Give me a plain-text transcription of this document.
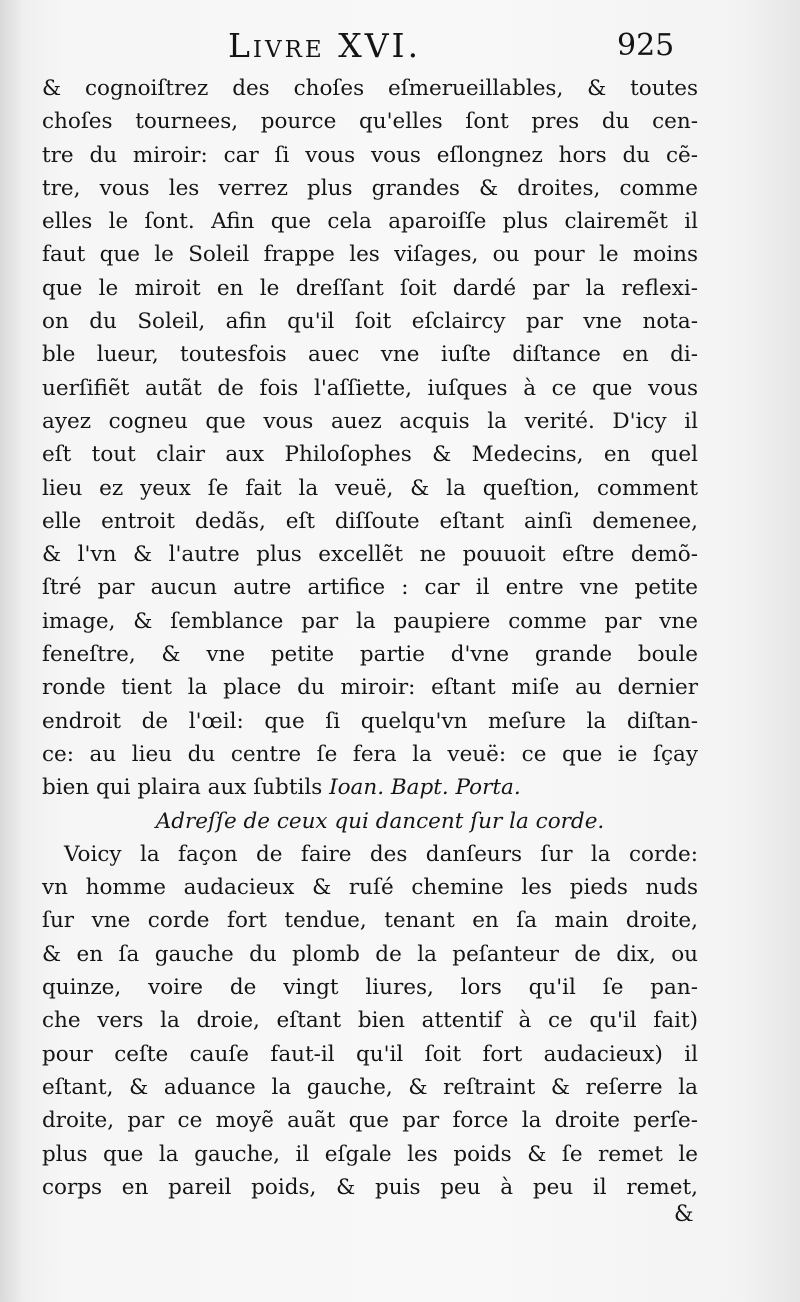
Livre XVI.	925
& cognoiſtrez des choſes eſmerueillables, & toutes
choſes tournees, pource qu'elles ſont pres du cen-
tre du miroir: car ſi vous vous eſlongnez hors du cẽ-
tre, vous les verrez plus grandes & droites, comme
elles le ſont. Afin que cela aparoiſſe plus clairemẽt il
faut que le Soleil frappe les viſages, ou pour le moins
que le miroit en le dreſſant ſoit dardé par la reflexi-
on du Soleil, afin qu'il ſoit eſclaircy par vne nota-
ble lueur, toutesfois auec vne iuſte diſtance en di-
uerſifiẽt autãt de fois l'aſſiette, iuſques à ce que vous
ayez cogneu que vous auez acquis la verité. D'icy il
eſt tout clair aux Philoſophes & Medecins, en quel
lieu ez yeux ſe fait la veuë, & la queſtion, comment
elle entroit dedãs, eſt diſſoute eſtant ainſi demenee,
& l'vn & l'autre plus excellẽt ne pouuoit eſtre demõ-
ſtré par aucun autre artifice : car il entre vne petite
image, & ſemblance par la paupiere comme par vne
feneſtre, & vne petite partie d'vne grande boule
ronde tient la place du miroir: eſtant miſe au dernier
endroit de l'œil: que ſi quelqu'vn meſure la diſtan-
ce: au lieu du centre ſe fera la veuë: ce que ie ſçay
bien qui plaira aux ſubtils Ioan. Bapt. Porta.
Adreſſe de ceux qui dancent ſur la corde.
Voicy la façon de faire des danſeurs ſur la corde:
vn homme audacieux & ruſé chemine les pieds nuds
ſur vne corde fort tendue, tenant en ſa main droite,
& en ſa gauche du plomb de la peſanteur de dix, ou
quinze, voire de vingt liures, lors qu'il ſe pan-
che vers la droie, eſtant bien attentif à ce qu'il fait)
pour ceſte cauſe faut-il qu'il ſoit fort audacieux) il
eſtant, & aduance la gauche, & reſtraint & reſerre la
droite, par ce moyẽ auãt que par force la droite perſe-
plus que la gauche, il eſgale les poids & ſe remet le
corps en pareil poids, & puis peu à peu il remet,
&
